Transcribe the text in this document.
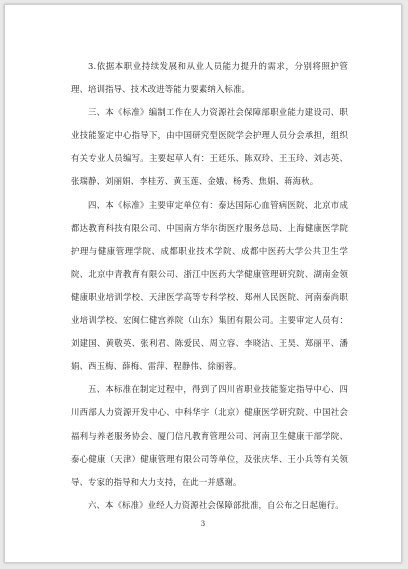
3.依据本职业持续发展和从业人员能力提升的需求，分别将照护管理、培训指导、技术改进等能力要素纳入标准。

三、本《标准》编制工作在人力资源社会保障部职业能力建设司、职业技能鉴定中心指导下，由中国研究型医院学会护理人员分会承担，组织有关专业人员编写。主要起草人有：王廷乐、陈双玲、王玉玲、刘志英、张瑞静、刘丽娟、李桂芳、黄玉莲、金娥、杨秀、焦娟、蒋海秋。

四、本《标准》主要审定单位有：泰达国际心血管病医院、北京市成都达教育科技有限公司、中国南方华尔街医疗服务总局、上海健康医学院护理与健康管理学院、成都职业技术学院、成都中医药大学公共卫生学院、北京中青教育有限公司、浙江中医药大学健康管理研究院、湖南金领健康职业培训学校、天津医学高等专科学校、郑州人民医院、河南泰尚职业培训学校、宏闽仁健宫养院（山东）集团有限公司。主要审定人员有：刘建国、黄敬英、张利君、陈爱民、周立容、李晓洁、王昊、郑丽平、潘娟、西玉梅、薛梅、雷萍、程静伟、徐丽蓉。

五、本标准在制定过程中，得到了四川省职业技能鉴定指导中心、四川西部人力资源开发中心、中科华宇（北京）健康医学研究院、中国社会福利与养老服务协会、厦门信凡教育管理公司、河南卫生健康干部学院、泰心健康（天津）健康管理有限公司等单位，及张庆华、王小兵等有关领导、专家的指导和大力支持，在此一并感谢。

六、本《标准》业经人力资源社会保障部批准，自公布之日起施行。

3
